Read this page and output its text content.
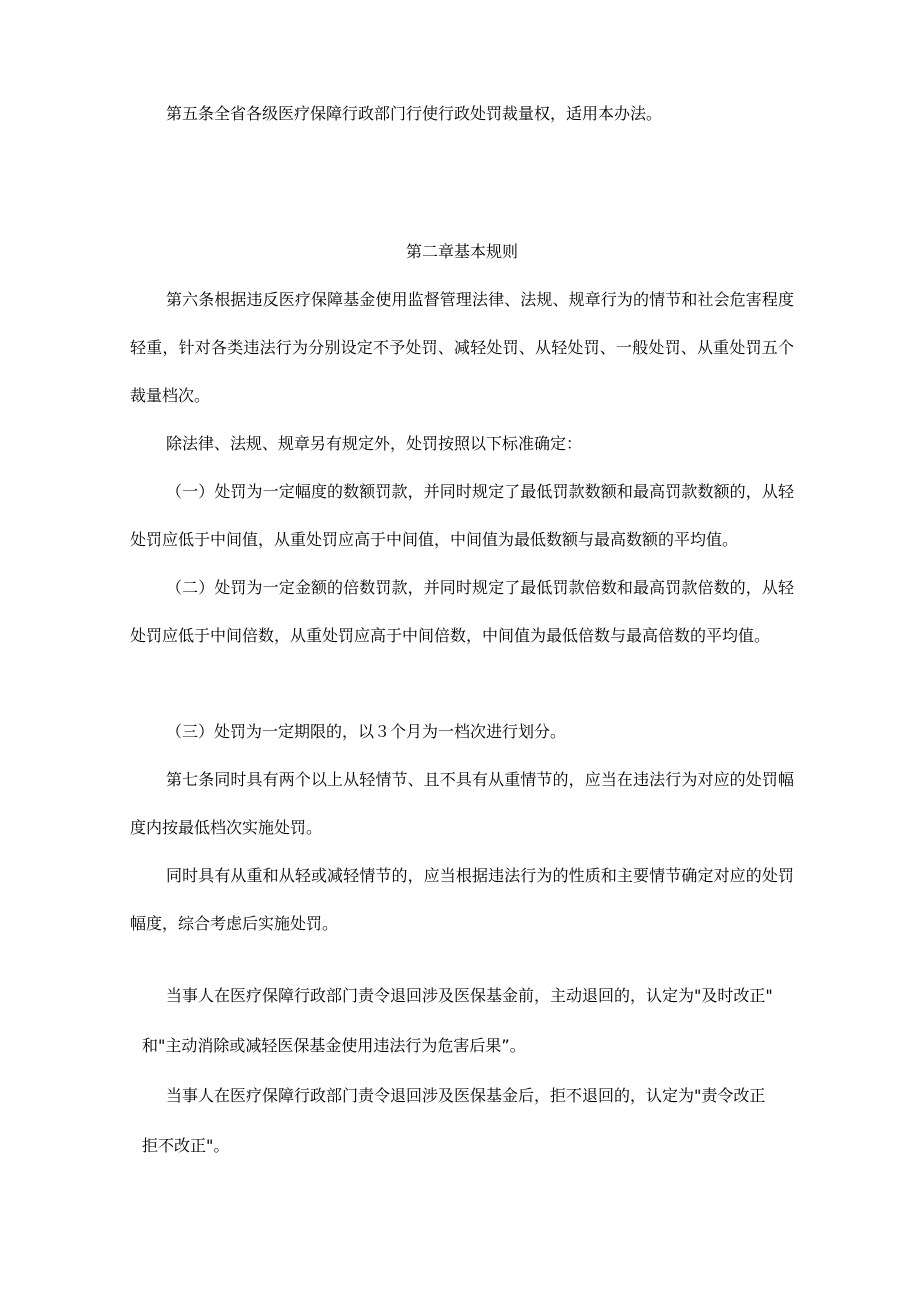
第五条全省各级医疗保障行政部门行使行政处罚裁量权，适用本办法。

第二章基本规则

第六条根据违反医疗保障基金使用监督管理法律、法规、规章行为的情节和社会危害程度轻重，针对各类违法行为分别设定不予处罚、减轻处罚、从轻处罚、一般处罚、从重处罚五个裁量档次。

除法律、法规、规章另有规定外，处罚按照以下标准确定：

（一）处罚为一定幅度的数额罚款，并同时规定了最低罚款数额和最高罚款数额的，从轻处罚应低于中间值，从重处罚应高于中间值，中间值为最低数额与最高数额的平均值。

（二）处罚为一定金额的倍数罚款，并同时规定了最低罚款倍数和最高罚款倍数的，从轻处罚应低于中间倍数，从重处罚应高于中间倍数，中间值为最低倍数与最高倍数的平均值。

（三）处罚为一定期限的，以３个月为一档次进行划分。

第七条同时具有两个以上从轻情节、且不具有从重情节的，应当在违法行为对应的处罚幅度内按最低档次实施处罚。

同时具有从重和从轻或减轻情节的，应当根据违法行为的性质和主要情节确定对应的处罚幅度，综合考虑后实施处罚。

当事人在医疗保障行政部门责令退回涉及医保基金前，主动退回的，认定为"及时改正"

和"主动消除或减轻医保基金使用违法行为危害后果”。

当事人在医疗保障行政部门责令退回涉及医保基金后，拒不退回的，认定为"责令改正

拒不改正"。
